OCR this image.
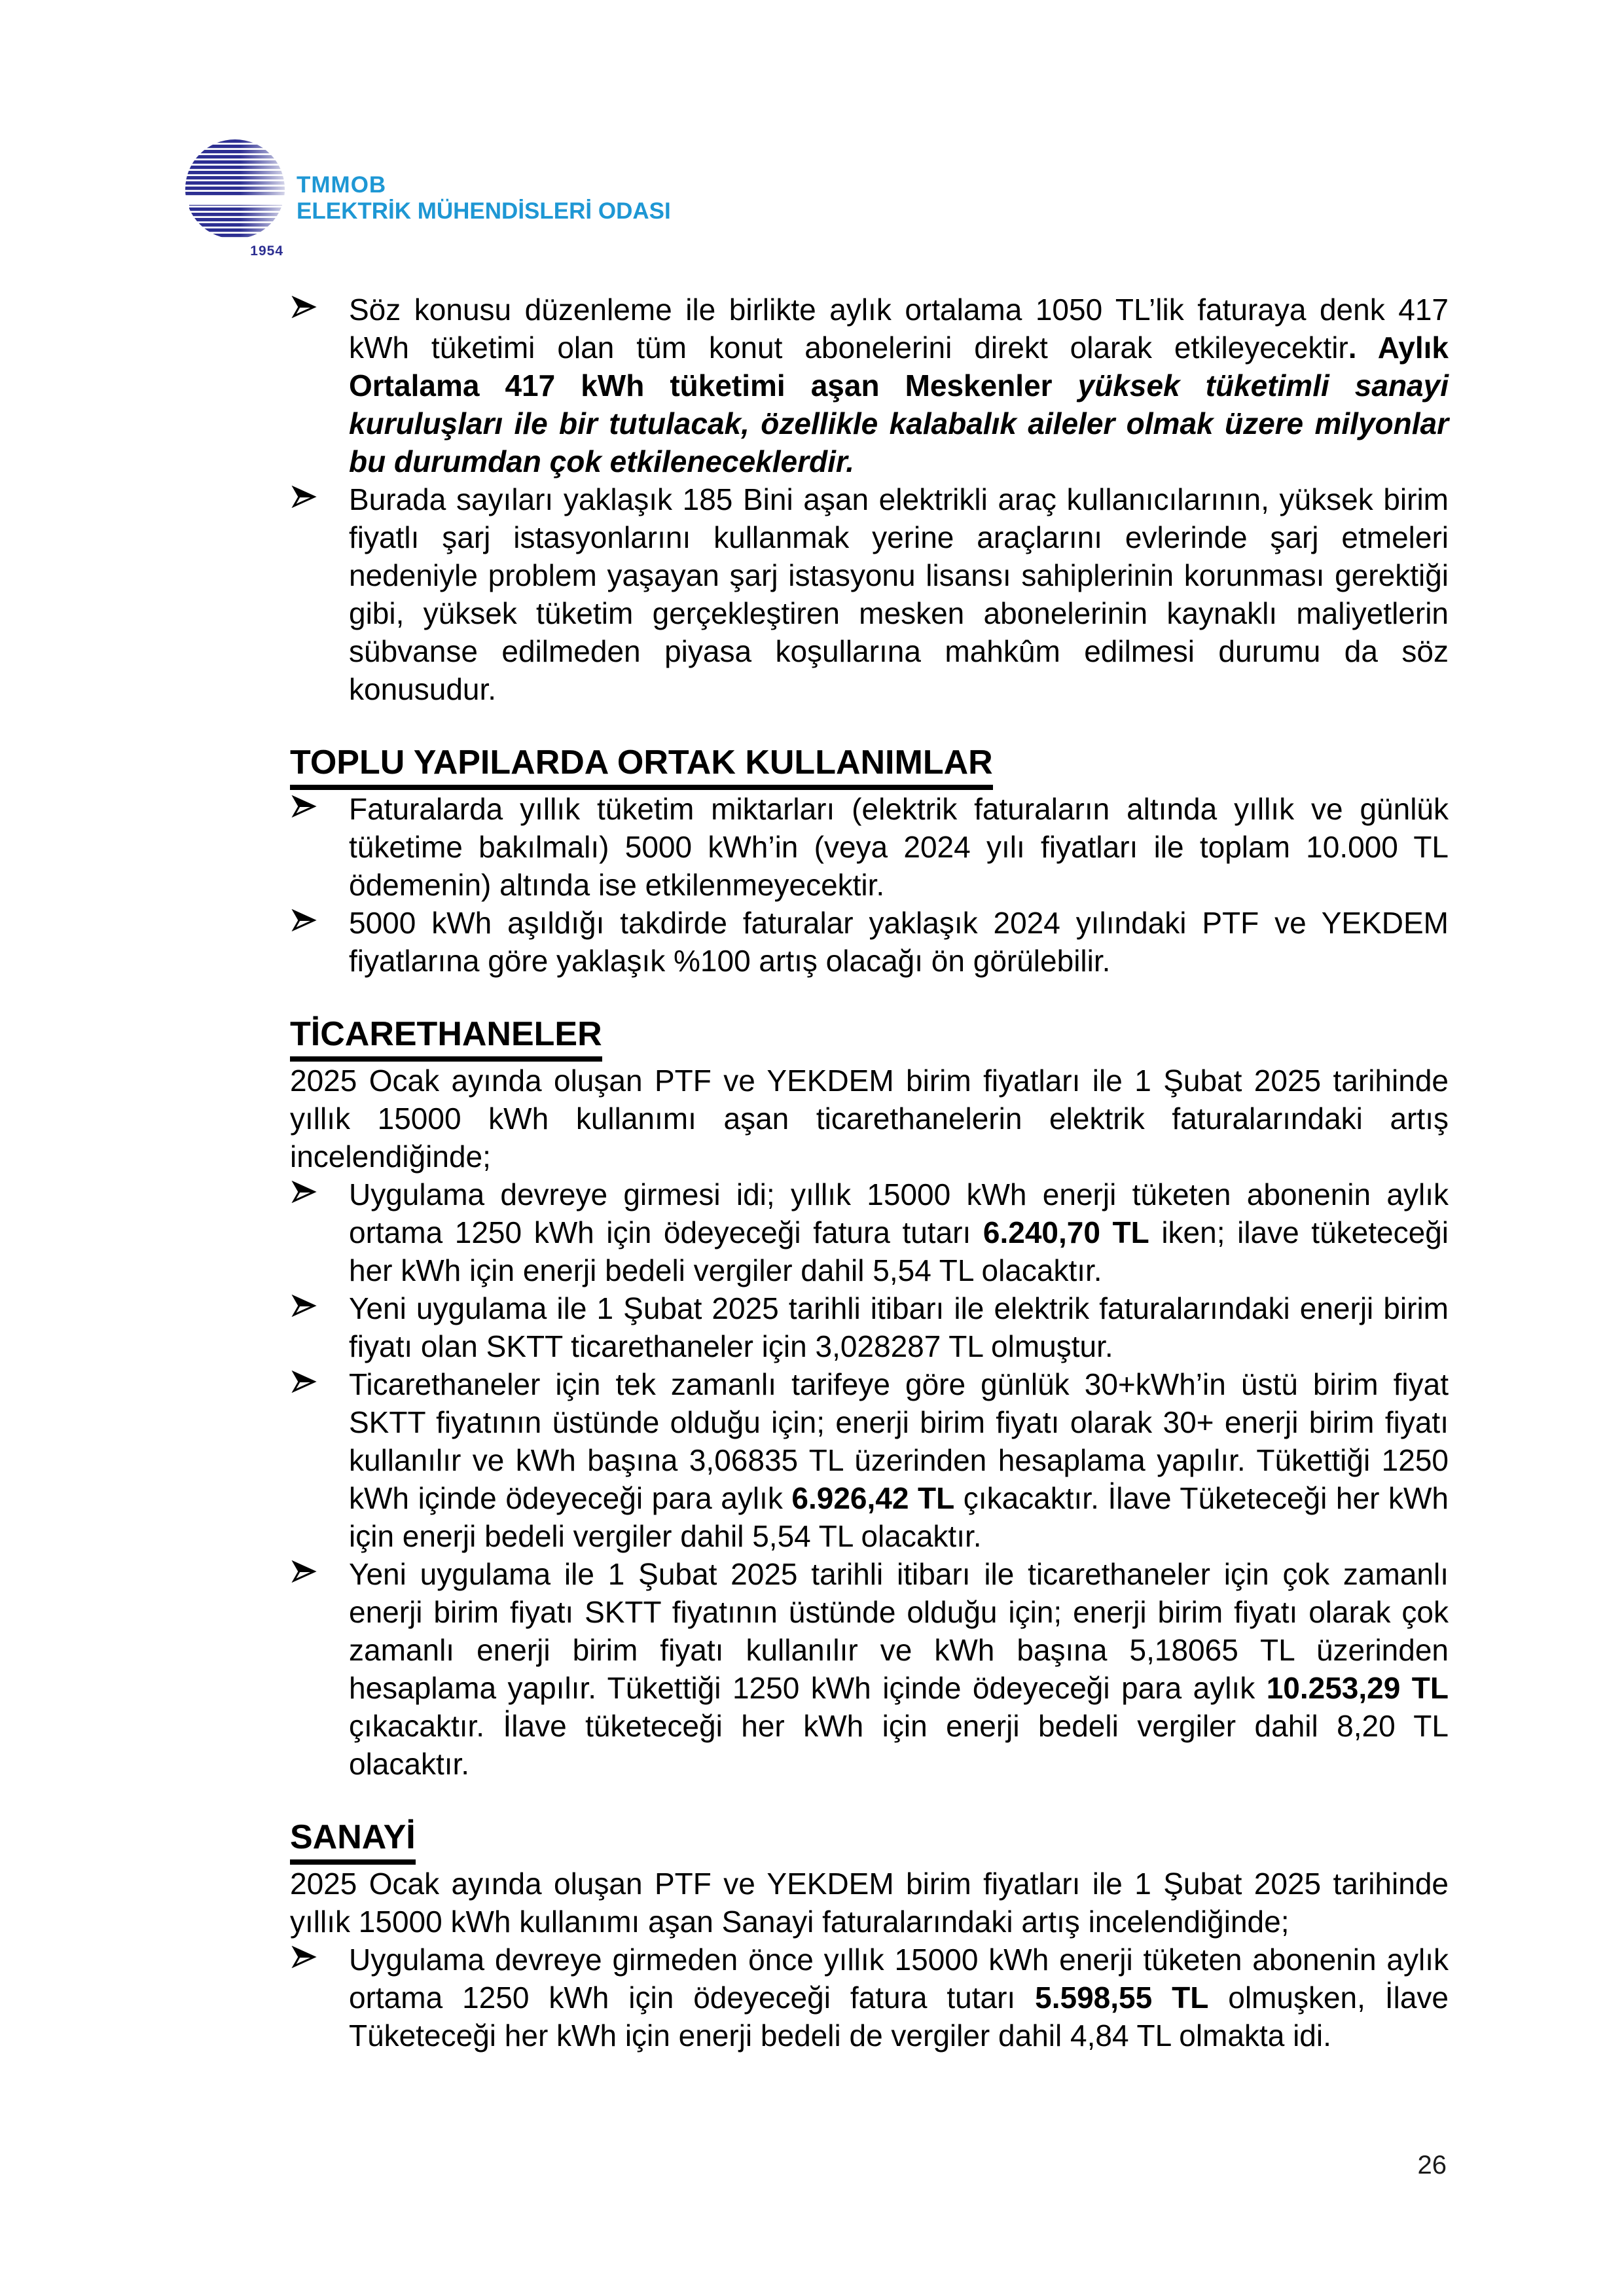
1954
TMMOB
ELEKTRİK MÜHENDİSLERİ ODASI
Söz konusu düzenleme ile birlikte aylık ortalama 1050 TL’lik faturaya denk 417 kWh tüketimi olan tüm konut abonelerini direkt olarak etkileyecektir. Aylık Ortalama 417 kWh tüketimi aşan Meskenler yüksek tüketimli sanayi kuruluşları ile bir tutulacak, özellikle kalabalık aileler olmak üzere milyonlar bu durumdan çok etkileneceklerdir.
Burada sayıları yaklaşık 185 Bini aşan elektrikli araç kullanıcılarının, yüksek birim fiyatlı şarj istasyonlarını kullanmak yerine araçlarını evlerinde şarj etmeleri nedeniyle problem yaşayan şarj istasyonu lisansı sahiplerinin korunması gerektiği gibi, yüksek tüketim gerçekleştiren mesken abonelerinin kaynaklı maliyetlerin sübvanse edilmeden piyasa koşullarına mahkûm edilmesi durumu da söz konusudur.
TOPLU YAPILARDA ORTAK KULLANIMLAR
Faturalarda yıllık tüketim miktarları (elektrik faturaların altında yıllık ve günlük tüketime bakılmalı) 5000 kWh’in (veya 2024 yılı fiyatları ile toplam 10.000 TL ödemenin) altında ise etkilenmeyecektir.
5000 kWh aşıldığı takdirde faturalar yaklaşık 2024 yılındaki PTF ve YEKDEM fiyatlarına göre yaklaşık %100 artış olacağı ön görülebilir.
TİCARETHANELER

2025 Ocak ayında oluşan PTF ve YEKDEM birim fiyatları ile 1 Şubat 2025 tarihinde yıllık 15000 kWh kullanımı aşan ticarethanelerin elektrik faturalarındaki artış incelendiğinde;

Uygulama devreye girmesi idi; yıllık 15000 kWh enerji tüketen abonenin aylık ortama 1250 kWh için ödeyeceği fatura tutarı 6.240,70 TL iken; ilave tüketeceği her kWh için enerji bedeli vergiler dahil 5,54 TL olacaktır.
Yeni uygulama ile 1 Şubat 2025 tarihli itibarı ile elektrik faturalarındaki enerji birim fiyatı olan SKTT ticarethaneler için 3,028287 TL olmuştur.
Ticarethaneler için tek zamanlı tarifeye göre günlük 30+kWh’in üstü birim fiyat SKTT fiyatının üstünde olduğu için; enerji birim fiyatı olarak 30+ enerji birim fiyatı kullanılır ve kWh başına 3,06835 TL üzerinden hesaplama yapılır. Tükettiği 1250 kWh içinde ödeyeceği para aylık 6.926,42 TL çıkacaktır. İlave Tüketeceği her kWh için enerji bedeli vergiler dahil 5,54 TL olacaktır.
Yeni uygulama ile 1 Şubat 2025 tarihli itibarı ile ticarethaneler için çok zamanlı enerji birim fiyatı SKTT fiyatının üstünde olduğu için; enerji birim fiyatı olarak çok zamanlı enerji birim fiyatı kullanılır ve kWh başına 5,18065 TL üzerinden hesaplama yapılır. Tükettiği 1250 kWh içinde ödeyeceği para aylık 10.253,29 TL çıkacaktır. İlave tüketeceği her kWh için enerji bedeli vergiler dahil 8,20 TL olacaktır.
SANAYİ

2025 Ocak ayında oluşan PTF ve YEKDEM birim fiyatları ile 1 Şubat 2025 tarihinde yıllık 15000 kWh kullanımı aşan Sanayi faturalarındaki artış incelendiğinde;

Uygulama devreye girmeden önce yıllık 15000 kWh enerji tüketen abonenin aylık ortama 1250 kWh için ödeyeceği fatura tutarı 5.598,55 TL olmuşken, İlave Tüketeceği her kWh için enerji bedeli de vergiler dahil 4,84 TL olmakta idi.
26
